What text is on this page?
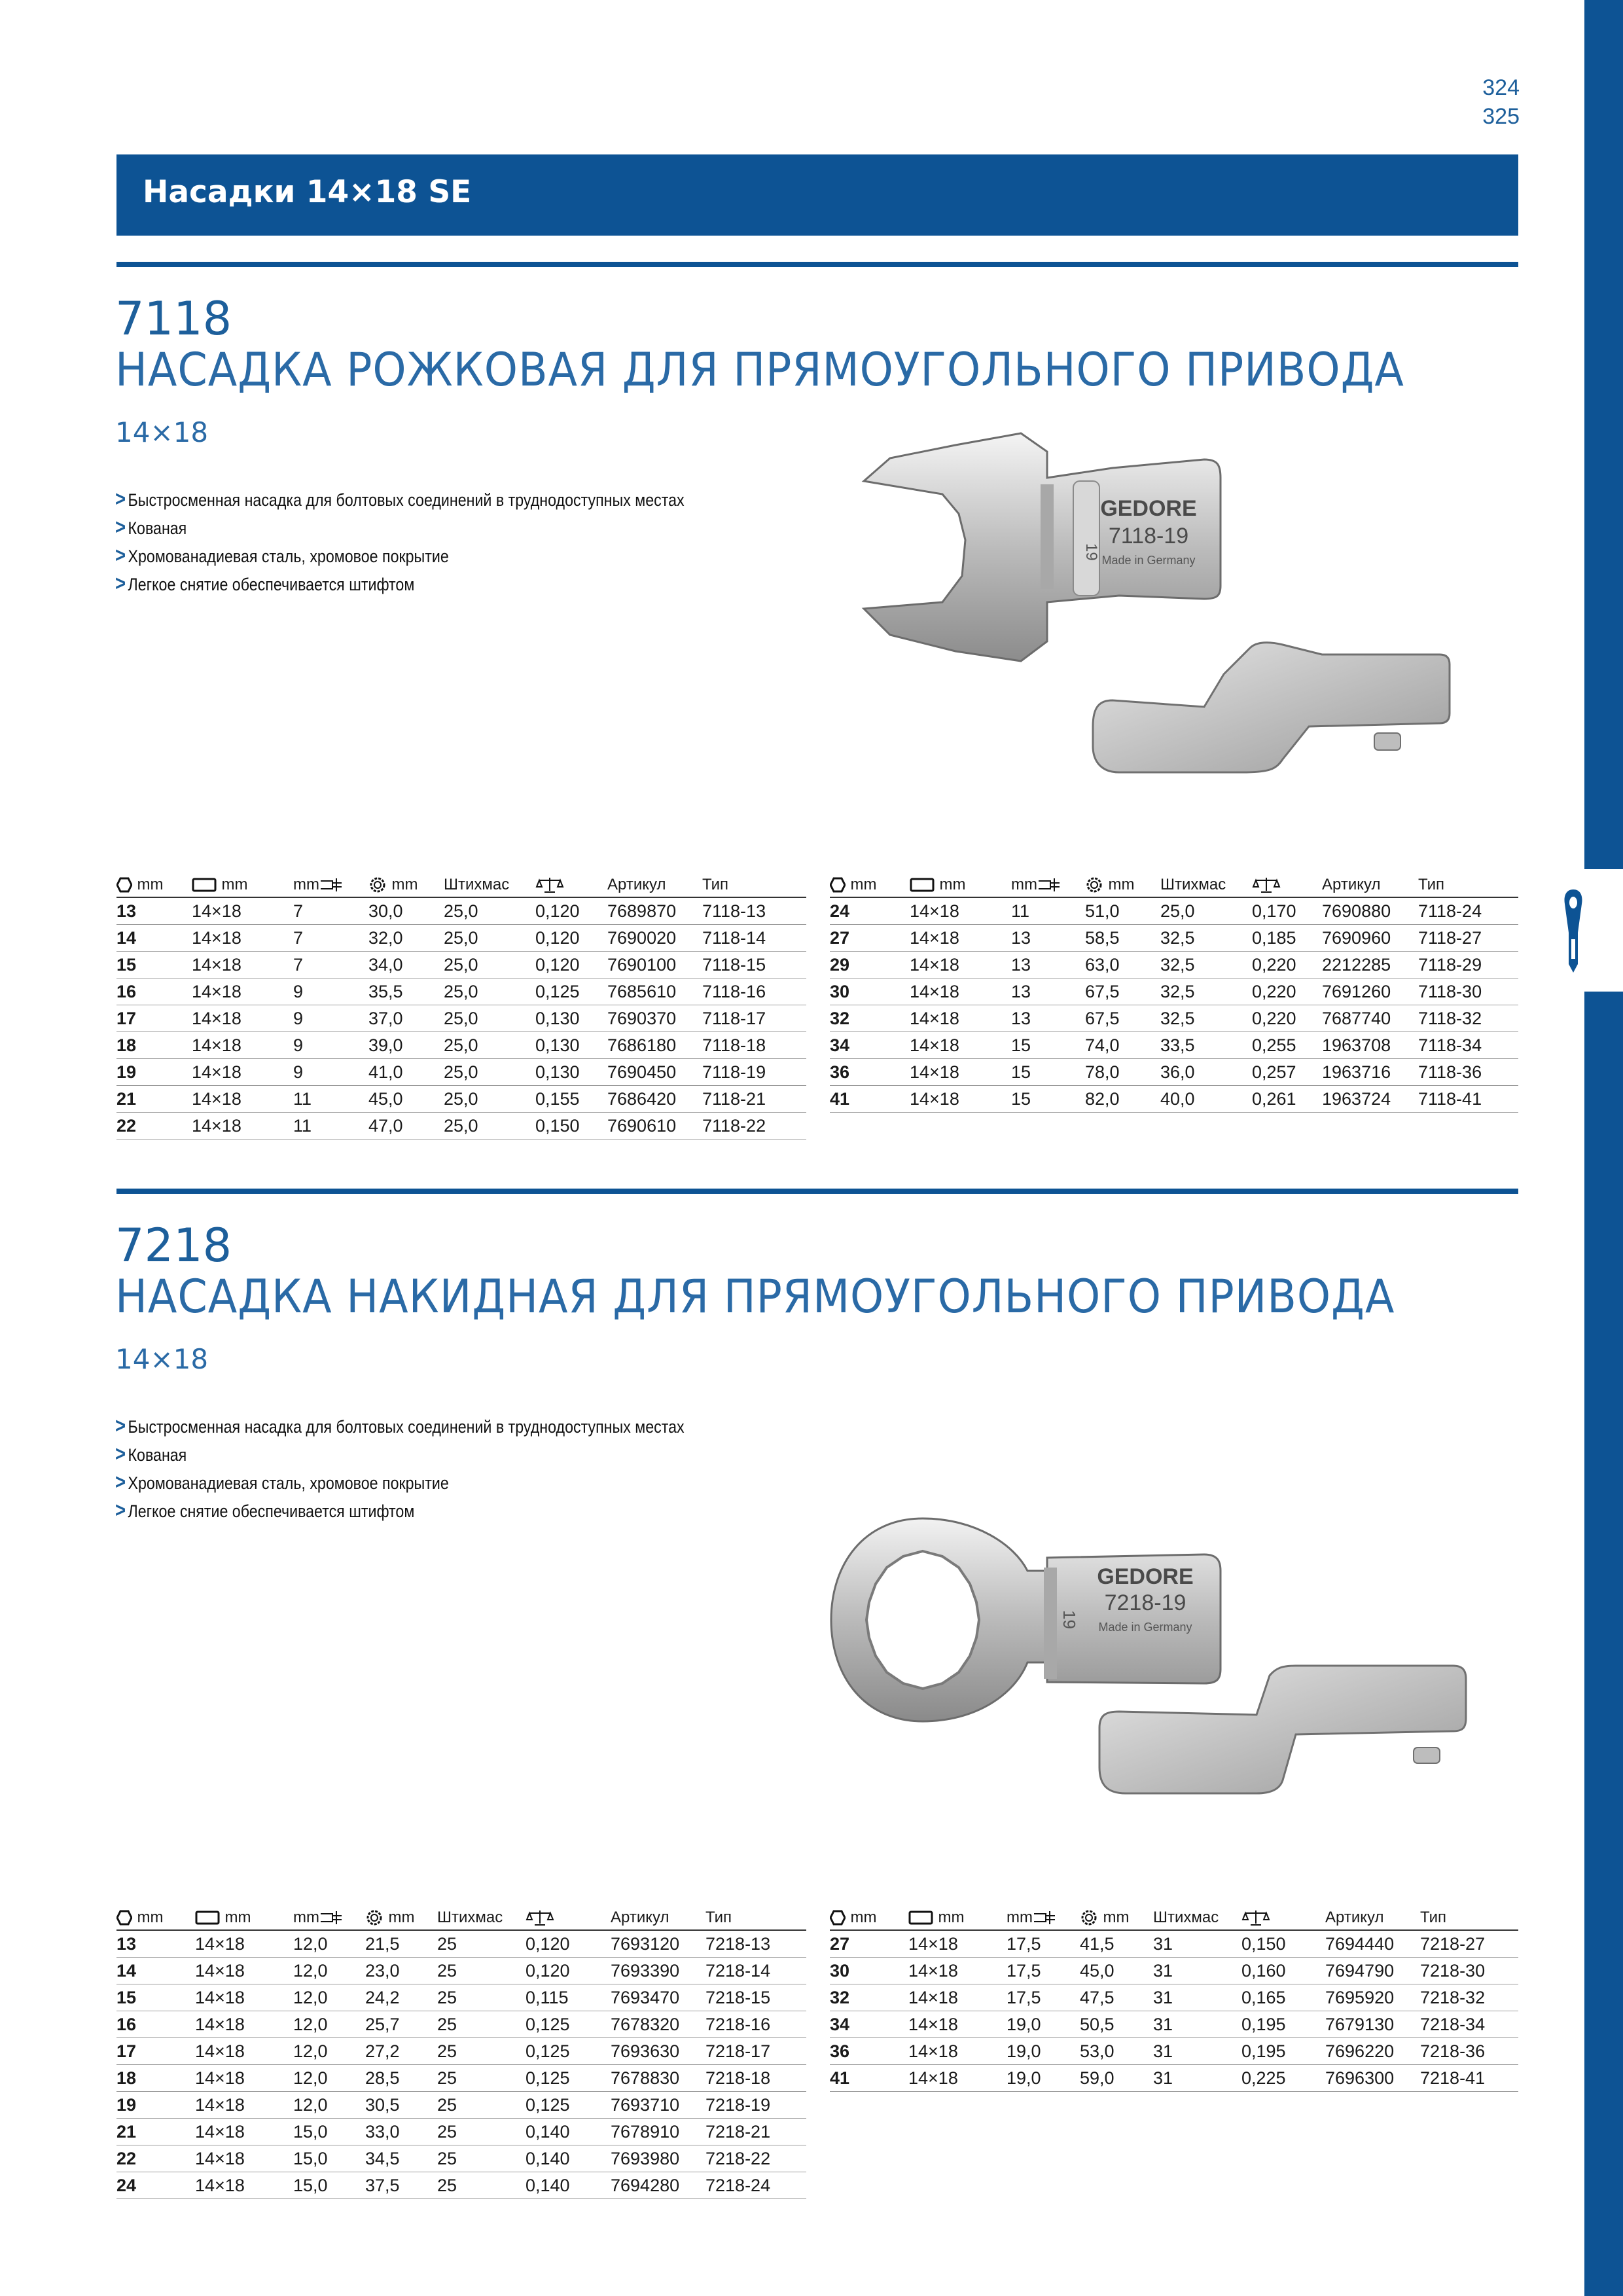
324
325
Насадки 14×18 SE
7118
НАСАДКА РОЖКОВАЯ ДЛЯ ПРЯМОУГОЛЬНОГО ПРИВОДА
14×18
> Быстросменная насадка для болтовых соединений в труднодоступных местах
> Кованая
> Хромованадиевая сталь, хромовое покрытие
> Легкое снятие обеспечивается штифтом
19
GEDORE
7118-19
Made in Germany
mm	mm	mm	mm	Штихмас		Артикул	Тип
13	14×18	7	30,0	25,0	0,120	7689870	7118-13
14	14×18	7	32,0	25,0	0,120	7690020	7118-14
15	14×18	7	34,0	25,0	0,120	7690100	7118-15
16	14×18	9	35,5	25,0	0,125	7685610	7118-16
17	14×18	9	37,0	25,0	0,130	7690370	7118-17
18	14×18	9	39,0	25,0	0,130	7686180	7118-18
19	14×18	9	41,0	25,0	0,130	7690450	7118-19
21	14×18	11	45,0	25,0	0,155	7686420	7118-21
22	14×18	11	47,0	25,0	0,150	7690610	7118-22
mm	mm	mm	mm	Штихмас		Артикул	Тип
24	14×18	11	51,0	25,0	0,170	7690880	7118-24
27	14×18	13	58,5	32,5	0,185	7690960	7118-27
29	14×18	13	63,0	32,5	0,220	2212285	7118-29
30	14×18	13	67,5	32,5	0,220	7691260	7118-30
32	14×18	13	67,5	32,5	0,220	7687740	7118-32
34	14×18	15	74,0	33,5	0,255	1963708	7118-34
36	14×18	15	78,0	36,0	0,257	1963716	7118-36
41	14×18	15	82,0	40,0	0,261	1963724	7118-41
7218
НАСАДКА НАКИДНАЯ ДЛЯ ПРЯМОУГОЛЬНОГО ПРИВОДА
14×18
> Быстросменная насадка для болтовых соединений в труднодоступных местах
> Кованая
> Хромованадиевая сталь, хромовое покрытие
> Легкое снятие обеспечивается штифтом
19
GEDORE
7218-19
Made in Germany
mm	mm	mm	mm	Штихмас		Артикул	Тип
13	14×18	12,0	21,5	25	0,120	7693120	7218-13
14	14×18	12,0	23,0	25	0,120	7693390	7218-14
15	14×18	12,0	24,2	25	0,115	7693470	7218-15
16	14×18	12,0	25,7	25	0,125	7678320	7218-16
17	14×18	12,0	27,2	25	0,125	7693630	7218-17
18	14×18	12,0	28,5	25	0,125	7678830	7218-18
19	14×18	12,0	30,5	25	0,125	7693710	7218-19
21	14×18	15,0	33,0	25	0,140	7678910	7218-21
22	14×18	15,0	34,5	25	0,140	7693980	7218-22
24	14×18	15,0	37,5	25	0,140	7694280	7218-24
mm	mm	mm	mm	Штихмас		Артикул	Тип
27	14×18	17,5	41,5	31	0,150	7694440	7218-27
30	14×18	17,5	45,0	31	0,160	7694790	7218-30
32	14×18	17,5	47,5	31	0,165	7695920	7218-32
34	14×18	19,0	50,5	31	0,195	7679130	7218-34
36	14×18	19,0	53,0	31	0,195	7696220	7218-36
41	14×18	19,0	59,0	31	0,225	7696300	7218-41
